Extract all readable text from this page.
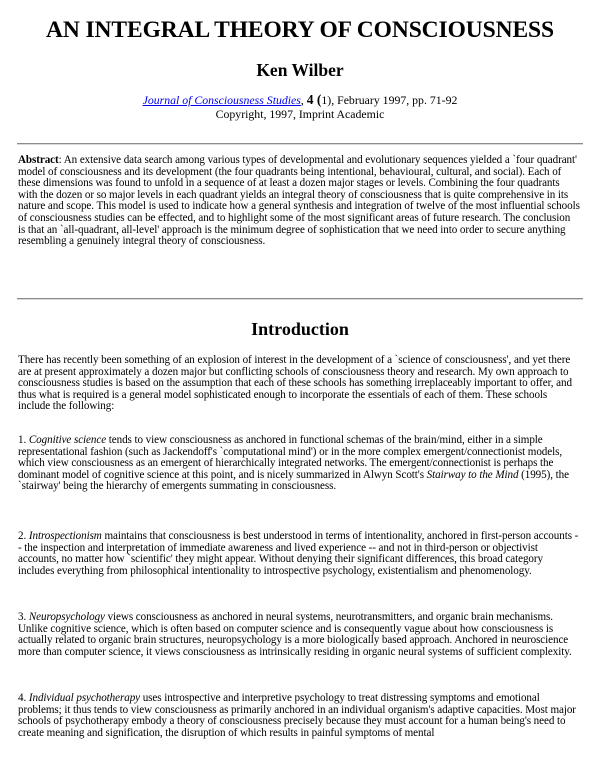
AN INTEGRAL THEORY OF CONSCIOUSNESS
Ken Wilber
Journal of Consciousness Studies, 4 (1), February 1997, pp. 71-92
Copyright, 1997, Imprint Academic

Abstract: An extensive data search among various types of developmental and evolutionary sequences yielded a `four quadrant' model of consciousness and its development (the four quadrants being intentional, behavioural, cultural, and social). Each of these dimensions was found to unfold in a sequence of at least a dozen major stages or levels. Combining the four quadrants with the dozen or so major levels in each quadrant yields an integral theory of consciousness that is quite comprehensive in its nature and scope. This model is used to indicate how a general synthesis and integration of twelve of the most influential schools of consciousness studies can be effected, and to highlight some of the most significant areas of future research. The conclusion is that an `all-quadrant, all-level' approach is the minimum degree of sophistication that we need into order to secure anything resembling a genuinely integral theory of consciousness.

Introduction

There has recently been something of an explosion of interest in the development of a `science of consciousness', and yet there are at present approximately a dozen major but conflicting schools of consciousness theory and research. My own approach to consciousness studies is based on the assumption that each of these schools has something irreplaceably important to offer, and thus what is required is a general model sophisticated enough to incorporate the essentials of each of them. These schools include the following:

1. Cognitive science tends to view consciousness as anchored in functional schemas of the brain/mind, either in a simple representational fashion (such as Jackendoff's `computational mind') or in the more complex emergent/connectionist models, which view consciousness as an emergent of hierarchically integrated networks. The emergent/connectionist is perhaps the dominant model of cognitive science at this point, and is nicely summarized in Alwyn Scott's Stairway to the Mind (1995), the `stairway' being the hierarchy of emergents summating in consciousness.

2. Introspectionism maintains that consciousness is best understood in terms of intentionality, anchored in first-person accounts -- the inspection and interpretation of immediate awareness and lived experience -- and not in third-person or objectivist accounts, no matter how `scientific' they might appear. Without denying their significant differences, this broad category includes everything from philosophical intentionality to introspective psychology, existentialism and phenomenology.

3. Neuropsychology views consciousness as anchored in neural systems, neurotransmitters, and organic brain mechanisms. Unlike cognitive science, which is often based on computer science and is consequently vague about how consciousness is actually related to organic brain structures, neuropsychology is a more biologically based approach. Anchored in neuroscience more than computer science, it views consciousness as intrinsically residing in organic neural systems of sufficient complexity.

4. Individual psychotherapy uses introspective and interpretive psychology to treat distressing symptoms and emotional problems; it thus tends to view consciousness as primarily anchored in an individual organism's adaptive capacities. Most major schools of psychotherapy embody a theory of consciousness precisely because they must account for a human being's need to create meaning and signification, the disruption of which results in painful symptoms of mental
